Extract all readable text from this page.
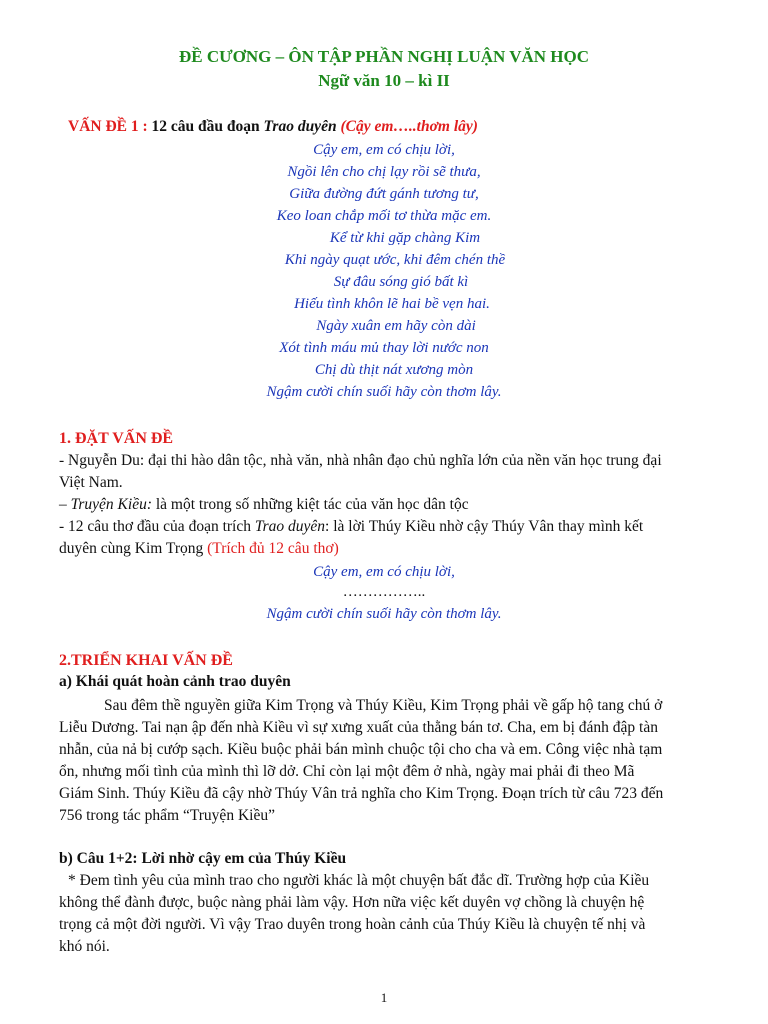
ĐỀ CƯƠNG – ÔN TẬP PHẦN NGHỊ LUẬN VĂN HỌC
Ngữ văn 10 – kì II
VẤN ĐỀ 1 : 12 câu đầu đoạn Trao duyên (Cậy em…..thơm lây)
Cậy em, em có chịu lời,
Ngồi lên cho chị lạy rồi sẽ thưa,
Giữa đường đứt gánh tương tư,
Keo loan chắp mối tơ thừa mặc em.
Kể từ khi gặp chàng Kim
Khi ngày quạt ước, khi đêm chén thề
Sự đâu sóng gió bất kì
Hiếu tình khôn lẽ hai bề vẹn hai.
Ngày xuân em hãy còn dài
Xót tình máu mủ thay lời nước non
Chị dù thịt nát xương mòn
Ngậm cười chín suối hãy còn thơm lây.
1. ĐẶT VẤN ĐỀ
- Nguyễn Du: đại thi hào dân tộc, nhà văn, nhà nhân đạo chủ nghĩa lớn của nền văn học trung đại
Việt Nam.
– Truyện Kiều: là một trong số những kiệt tác của văn học dân tộc
- 12 câu thơ đầu của đoạn trích Trao duyên: là lời Thúy Kiều nhờ cậy Thúy Vân thay mình kết
duyên cùng Kim Trọng (Trích đủ 12 câu thơ)
Cậy em, em có chịu lời,
……………..
Ngậm cười chín suối hãy còn thơm lây.
2.TRIỂN KHAI VẤN ĐỀ
a) Khái quát hoàn cảnh trao duyên
Sau đêm thề nguyền giữa Kim Trọng và Thúy Kiều, Kim Trọng phải về gấp hộ tang chú ở
Liễu Dương. Tai nạn ập đến nhà Kiều vì sự xưng xuất của thằng bán tơ. Cha, em bị đánh đập tàn
nhẫn, của nả bị cướp sạch. Kiều buộc phải bán mình chuộc tội cho cha và em. Công việc nhà tạm
ổn, nhưng mối tình của mình thì lỡ dở. Chỉ còn lại một đêm ở nhà, ngày mai phải đi theo Mã
Giám Sinh. Thúy Kiều đã cậy nhờ Thúy Vân trả nghĩa cho Kim Trọng. Đoạn trích từ câu 723 đến
756 trong tác phẩm “Truyện Kiều”
b) Câu 1+2: Lời nhờ cậy em của Thúy Kiều
* Đem tình yêu của mình trao cho người khác là một chuyện bất đắc dĩ. Trường hợp của Kiều
không thể đành được, buộc nàng phải làm vậy. Hơn nữa việc kết duyên vợ chồng là chuyện hệ
trọng cả một đời người. Vì vậy Trao duyên trong hoàn cảnh của Thúy Kiều là chuyện tế nhị và
khó nói.
1
